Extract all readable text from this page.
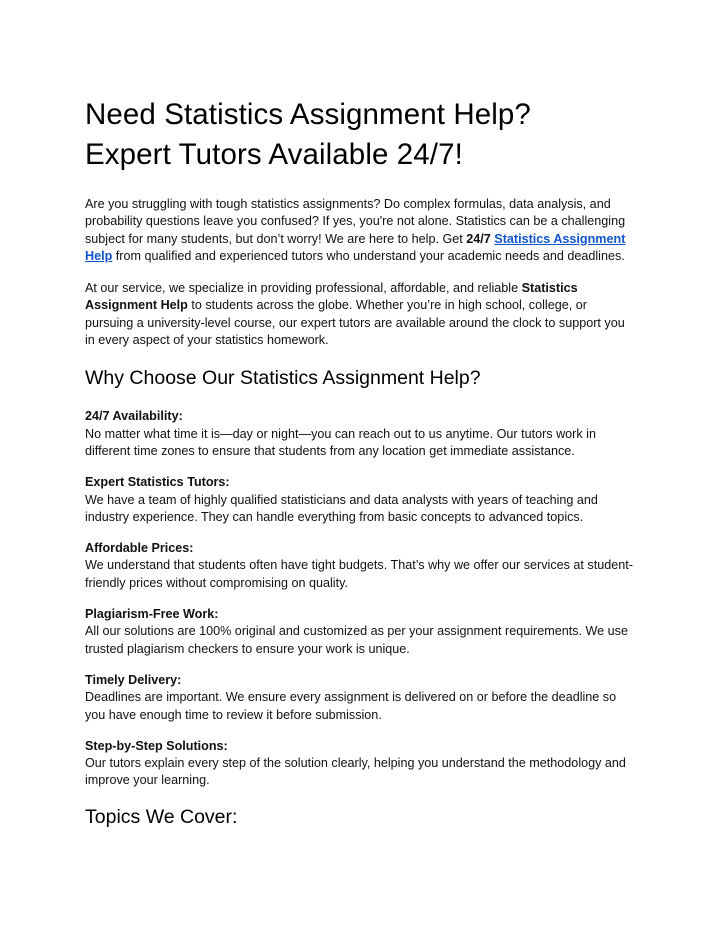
Need Statistics Assignment Help?
Expert Tutors Available 24/7!

Are you struggling with tough statistics assignments? Do complex formulas, data analysis, and probability questions leave you confused? If yes, you're not alone. Statistics can be a challenging subject for many students, but don’t worry! We are here to help. Get 24/7 Statistics Assignment Help from qualified and experienced tutors who understand your academic needs and deadlines.

At our service, we specialize in providing professional, affordable, and reliable Statistics Assignment Help to students across the globe. Whether you’re in high school, college, or pursuing a university-level course, our expert tutors are available around the clock to support you in every aspect of your statistics homework.

Why Choose Our Statistics Assignment Help?
24/7 Availability:
No matter what time it is—day or night—you can reach out to us anytime. Our tutors work in different time zones to ensure that students from any location get immediate assistance.
Expert Statistics Tutors:
We have a team of highly qualified statisticians and data analysts with years of teaching and industry experience. They can handle everything from basic concepts to advanced topics.
Affordable Prices:
We understand that students often have tight budgets. That’s why we offer our services at student-friendly prices without compromising on quality.
Plagiarism-Free Work:
All our solutions are 100% original and customized as per your assignment requirements. We use trusted plagiarism checkers to ensure your work is unique.
Timely Delivery:
Deadlines are important. We ensure every assignment is delivered on or before the deadline so you have enough time to review it before submission.
Step-by-Step Solutions:
Our tutors explain every step of the solution clearly, helping you understand the methodology and improve your learning.
Topics We Cover:
